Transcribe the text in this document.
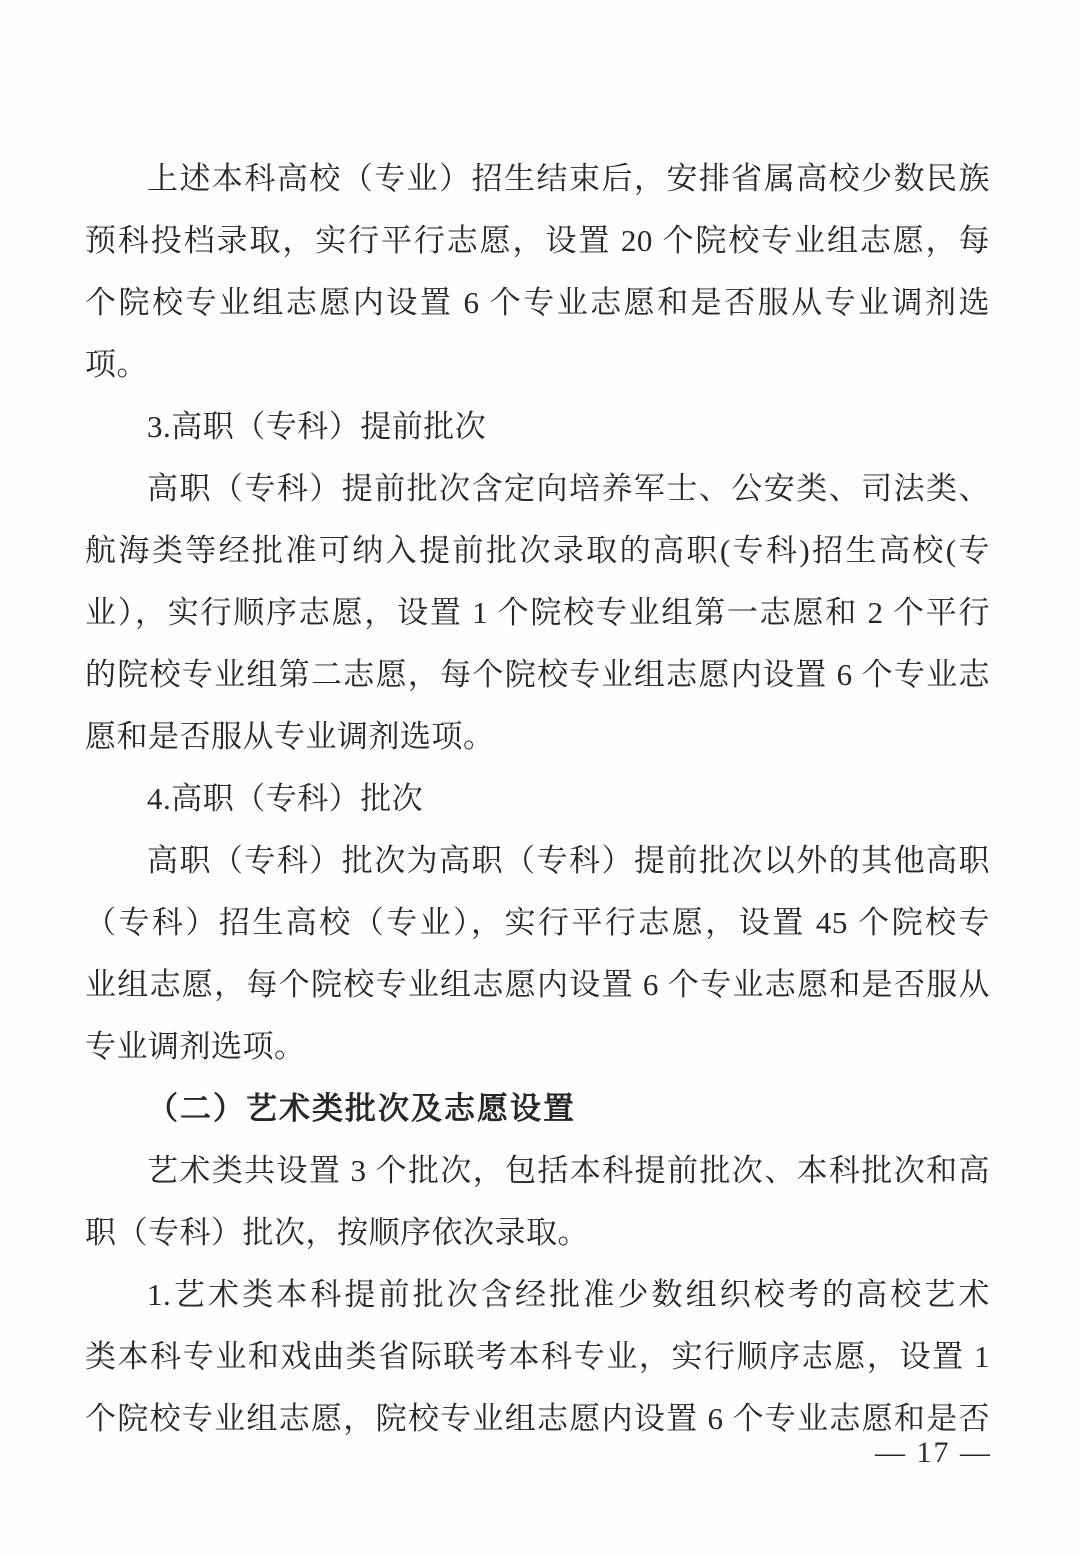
上述本科高校（专业）招生结束后，安排省属高校少数民族
预科投档录取，实行平行志愿，设置 20 个院校专业组志愿，每
个院校专业组志愿内设置 6 个专业志愿和是否服从专业调剂选
项。
3.高职（专科）提前批次
高职（专科）提前批次含定向培养军士、公安类、司法类、
航海类等经批准可纳入提前批次录取的高职(专科)招生高校(专
业），实行顺序志愿，设置 1 个院校专业组第一志愿和 2 个平行
的院校专业组第二志愿，每个院校专业组志愿内设置 6 个专业志
愿和是否服从专业调剂选项。
4.高职（专科）批次
高职（专科）批次为高职（专科）提前批次以外的其他高职
（专科）招生高校（专业），实行平行志愿，设置 45 个院校专
业组志愿，每个院校专业组志愿内设置 6 个专业志愿和是否服从
专业调剂选项。
（二）艺术类批次及志愿设置
艺术类共设置 3 个批次，包括本科提前批次、本科批次和高
职（专科）批次，按顺序依次录取。
1.艺术类本科提前批次含经批准少数组织校考的高校艺术
类本科专业和戏曲类省际联考本科专业，实行顺序志愿，设置 1
个院校专业组志愿，院校专业组志愿内设置 6 个专业志愿和是否
— 17 —
